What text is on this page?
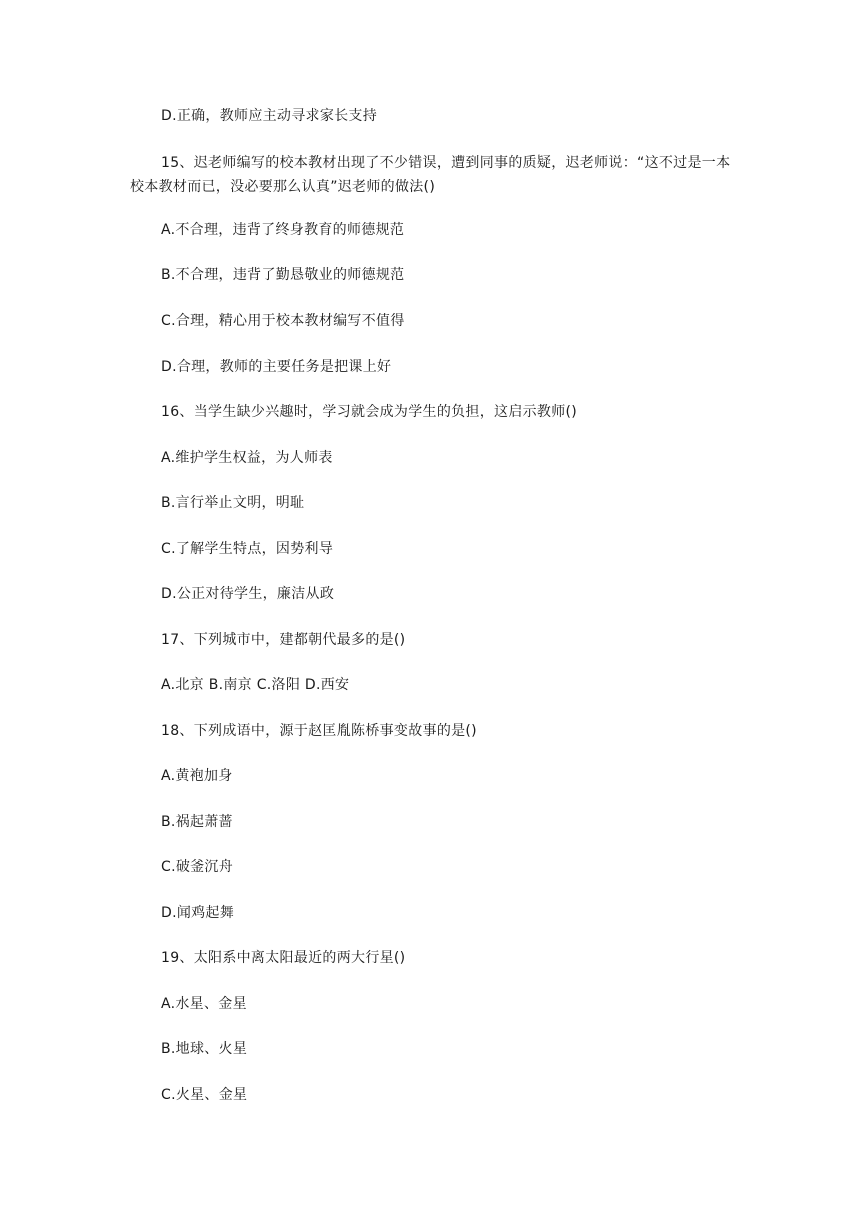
D.正确，教师应主动寻求家长支持
15、迟老师编写的校本教材出现了不少错误，遭到同事的质疑，迟老师说：“这不过是一本校本教材而已，没必要那么认真”迟老师的做法()
A.不合理，违背了终身教育的师德规范
B.不合理，违背了勤恳敬业的师德规范
C.合理，精心用于校本教材编写不值得
D.合理，教师的主要任务是把课上好
16、当学生缺少兴趣时，学习就会成为学生的负担，这启示教师()
A.维护学生权益，为人师表
B.言行举止文明，明耻
C.了解学生特点，因势利导
D.公正对待学生，廉洁从政
17、下列城市中，建都朝代最多的是()
A.北京 B.南京 C.洛阳 D.西安
18、下列成语中，源于赵匡胤陈桥事变故事的是()
A.黄袍加身
B.祸起萧蔷
C.破釜沉舟
D.闻鸡起舞
19、太阳系中离太阳最近的两大行星()
A.水星、金星
B.地球、火星
C.火星、金星
